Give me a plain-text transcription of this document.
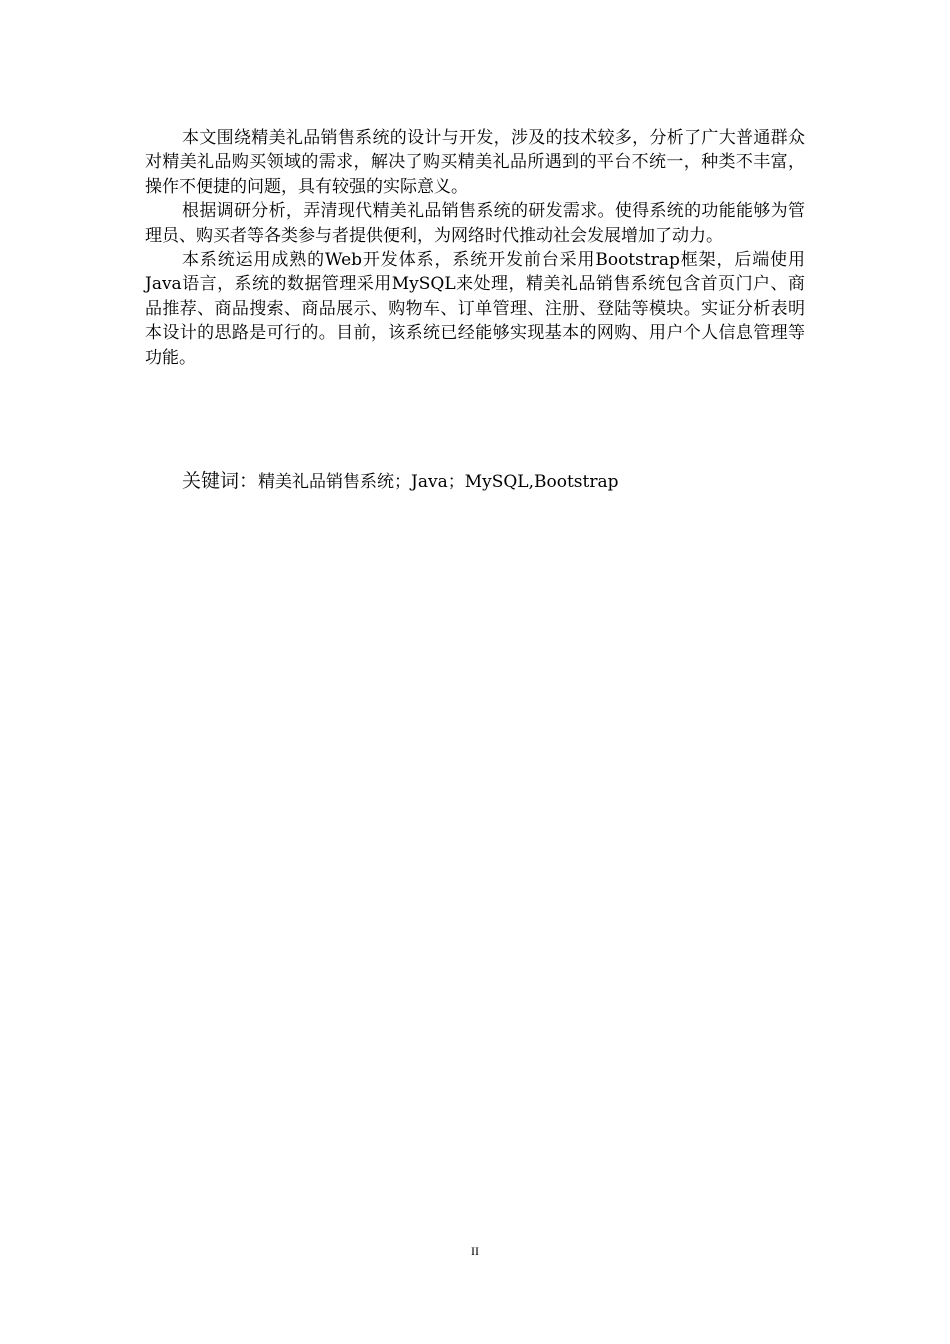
本文围绕精美礼品销售系统的设计与开发，涉及的技术较多，分析了广大普通群众对精美礼品购买领域的需求，解决了购买精美礼品所遇到的平台不统一，种类不丰富，操作不便捷的问题，具有较强的实际意义。

根据调研分析，弄清现代精美礼品销售系统的研发需求。使得系统的功能能够为管理员、购买者等各类参与者提供便利，为网络时代推动社会发展增加了动力。

本系统运用成熟的Web开发体系，系统开发前台采用Bootstrap框架，后端使用Java语言，系统的数据管理采用MySQL来处理，精美礼品销售系统包含首页门户、商品推荐、商品搜索、商品展示、购物车、订单管理、注册、登陆等模块。实证分析表明本设计的思路是可行的。目前，该系统已经能够实现基本的网购、用户个人信息管理等功能。

关键词：精美礼品销售系统；Java；MySQL,Bootstrap
II
